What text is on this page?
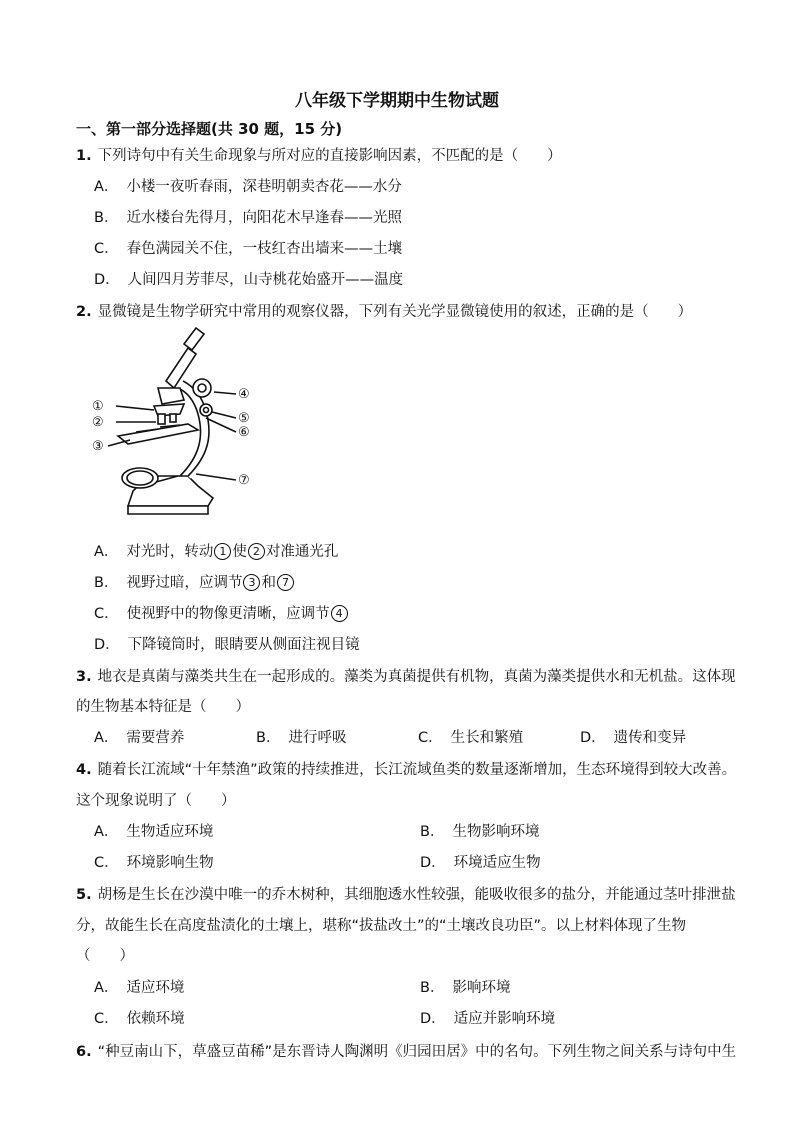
八年级下学期期中生物试题
一、第一部分选择题(共 30 题，15 分)
1. 下列诗句中有关生命现象与所对应的直接影响因素，不匹配的是（　　）
A． 小楼一夜听春雨，深巷明朝卖杏花——水分
B． 近水楼台先得月，向阳花木早逢春——光照
C． 春色满园关不住，一枝红杏出墙来——土壤
D． 人间四月芳菲尽，山寺桃花始盛开——温度
2. 显微镜是生物学研究中常用的观察仪器，下列有关光学显微镜使用的叙述，正确的是（　　）
①
②
③
④
⑤
⑥
⑦
A． 对光时，转动 1 使 2 对准通光孔
B． 视野过暗，应调节 3 和 7
C． 使视野中的物像更清晰，应调节 4
D． 下降镜筒时，眼睛要从侧面注视目镜
3. 地衣是真菌与藻类共生在一起形成的。藻类为真菌提供有机物，真菌为藻类提供水和无机盐。这体现
的生物基本特征是（　　）
A． 需要营养	B． 进行呼吸	C． 生长和繁殖	D． 遗传和变异
4. 随着长江流域“十年禁渔”政策的持续推进，长江流域鱼类的数量逐渐增加，生态环境得到较大改善。
这个现象说明了（　　）
A． 生物适应环境	B． 生物影响环境
C． 环境影响生物	D． 环境适应生物
5. 胡杨是生长在沙漠中唯一的乔木树种，其细胞透水性较强，能吸收很多的盐分，并能通过茎叶排泄盐
分，故能生长在高度盐渍化的土壤上，堪称“拔盐改土”的“土壤改良功臣”。以上材料体现了生物
（　　）
A． 适应环境	B． 影响环境
C． 依赖环境	D． 适应并影响环境
6. “种豆南山下，草盛豆苗稀”是东晋诗人陶渊明《归园田居》中的名句。下列生物之间关系与诗句中生
